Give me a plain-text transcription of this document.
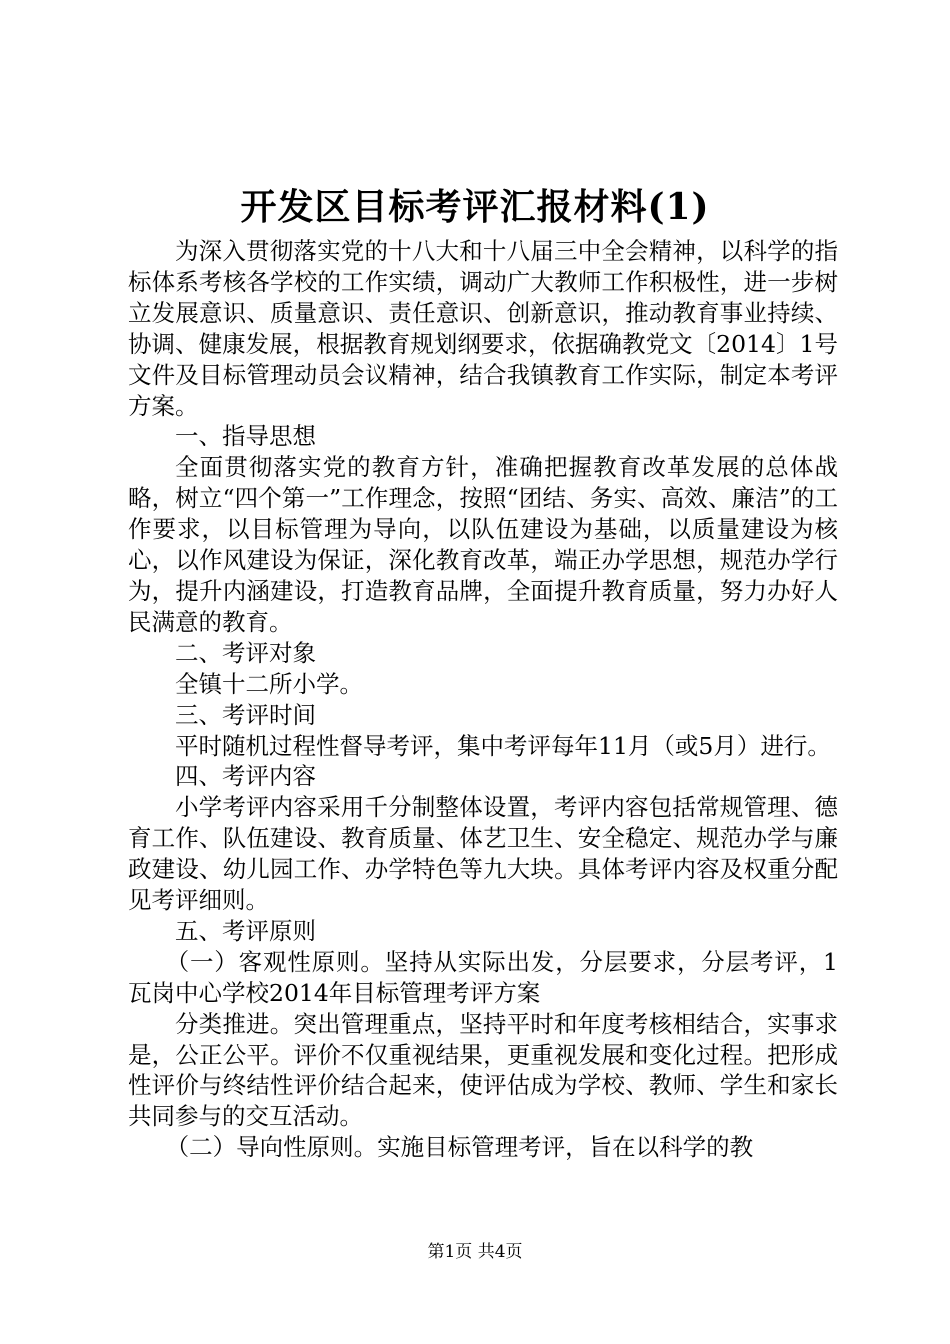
开发区目标考评汇报材料(1)

为深入贯彻落实党的十八大和十八届三中全会精神，以科学的指标体系考核各学校的工作实绩，调动广大教师工作积极性，进一步树立发展意识、质量意识、责任意识、创新意识，推动教育事业持续、协调、健康发展，根据教育规划纲要求，依据确教党文〔2014〕1号文件及目标管理动员会议精神，结合我镇教育工作实际，制定本考评方案。

一、指导思想

全面贯彻落实党的教育方针，准确把握教育改革发展的总体战略，树立“四个第一”工作理念，按照“团结、务实、高效、廉洁”的工作要求，以目标管理为导向，以队伍建设为基础，以质量建设为核心，以作风建设为保证，深化教育改革，端正办学思想，规范办学行为，提升内涵建设，打造教育品牌，全面提升教育质量，努力办好人民满意的教育。

二、考评对象

全镇十二所小学。

三、考评时间

平时随机过程性督导考评，集中考评每年11月（或5月）进行。

四、考评内容

小学考评内容采用千分制整体设置，考评内容包括常规管理、德育工作、队伍建设、教育质量、体艺卫生、安全稳定、规范办学与廉政建设、幼儿园工作、办学特色等九大块。具体考评内容及权重分配见考评细则。

五、考评原则

（一）客观性原则。坚持从实际出发，分层要求，分层考评，1瓦岗中心学校2014年目标管理考评方案

分类推进。突出管理重点，坚持平时和年度考核相结合，实事求是，公正公平。评价不仅重视结果，更重视发展和变化过程。把形成性评价与终结性评价结合起来，使评估成为学校、教师、学生和家长共同参与的交互活动。

（二）导向性原则。实施目标管理考评，旨在以科学的教

第1页 共4页
